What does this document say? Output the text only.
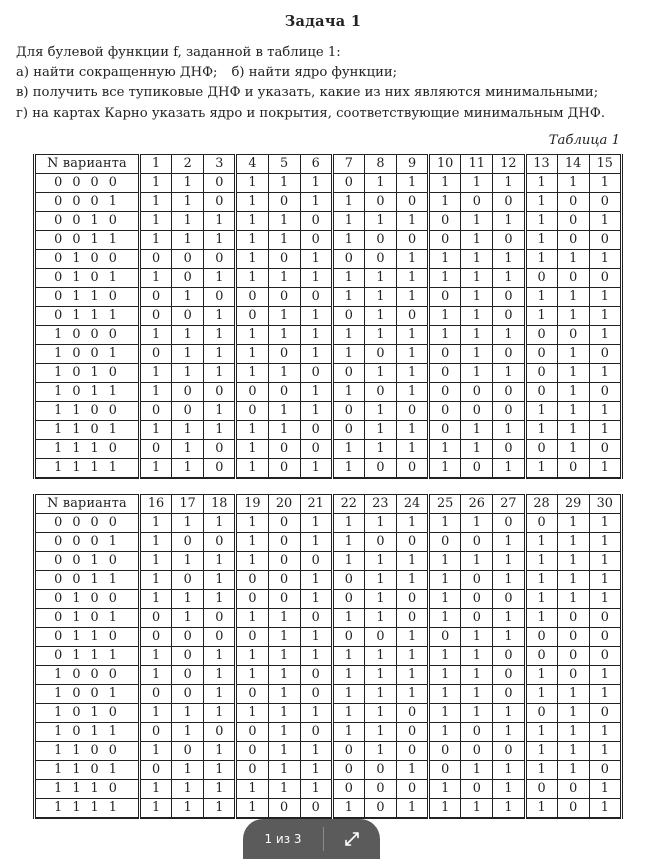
Задача 1
Для булевой функции f, заданной в таблице 1:
а) найти сокращенную ДНФ; б) найти ядро функции;
в) получить все тупиковые ДНФ и указать, какие из них являются минимальными;
г) на картах Карно указать ядро и покрытия, соответствующие минимальным ДНФ.
Таблица 1
N варианта	1	2	3	4	5	6	7	8	9	10	11	12	13	14	15
0 0 0 0	1	1	0	1	1	1	0	1	1	1	1	1	1	1	1
0 0 0 1	1	1	0	1	0	1	1	0	0	1	0	0	1	0	0
0 0 1 0	1	1	1	1	1	0	1	1	1	0	1	1	1	0	1
0 0 1 1	1	1	1	1	1	0	1	0	0	0	1	0	1	0	0
0 1 0 0	0	0	0	1	0	1	0	0	1	1	1	1	1	1	1
0 1 0 1	1	0	1	1	1	1	1	1	1	1	1	1	0	0	0
0 1 1 0	0	1	0	0	0	0	1	1	1	0	1	0	1	1	1
0 1 1 1	0	0	1	0	1	1	0	1	0	1	1	0	1	1	1
1 0 0 0	1	1	1	1	1	1	1	1	1	1	1	1	0	0	1
1 0 0 1	0	1	1	1	0	1	1	0	1	0	1	0	0	1	0
1 0 1 0	1	1	1	1	1	0	0	1	1	0	1	1	0	1	1
1 0 1 1	1	0	0	0	0	1	1	0	1	0	0	0	0	1	0
1 1 0 0	0	0	1	0	1	1	0	1	0	0	0	0	1	1	1
1 1 0 1	1	1	1	1	1	0	0	1	1	0	1	1	1	1	1
1 1 1 0	0	1	0	1	0	0	1	1	1	1	1	0	0	1	0
1 1 1 1	1	1	0	1	0	1	1	0	0	1	0	1	1	0	1
N варианта	16	17	18	19	20	21	22	23	24	25	26	27	28	29	30
0 0 0 0	1	1	1	1	0	1	1	1	1	1	1	0	0	1	1
0 0 0 1	1	0	0	1	0	1	1	0	0	0	0	1	1	1	1
0 0 1 0	1	1	1	1	0	0	1	1	1	1	1	1	1	1	1
0 0 1 1	1	0	1	0	0	1	0	1	1	1	0	1	1	1	1
0 1 0 0	1	1	1	0	0	1	0	1	0	1	0	0	1	1	1
0 1 0 1	0	1	0	1	1	0	1	1	0	1	0	1	1	0	0
0 1 1 0	0	0	0	0	1	1	0	0	1	0	1	1	0	0	0
0 1 1 1	1	0	1	1	1	1	1	1	1	1	1	0	0	0	0
1 0 0 0	1	0	1	1	1	0	1	1	1	1	1	0	1	0	1
1 0 0 1	0	0	1	0	1	0	1	1	1	1	1	0	1	1	1
1 0 1 0	1	1	1	1	1	1	1	1	0	1	1	1	0	1	0
1 0 1 1	0	1	0	0	1	0	1	1	0	1	0	1	1	1	1
1 1 0 0	1	0	1	0	1	1	0	1	0	0	0	0	1	1	1
1 1 0 1	0	1	1	0	1	1	0	0	1	0	1	1	1	1	0
1 1 1 0	1	1	1	1	1	1	0	0	0	1	0	1	0	0	1
1 1 1 1	1	1	1	1	0	0	1	0	1	1	1	1	1	0	1
1 из 3
